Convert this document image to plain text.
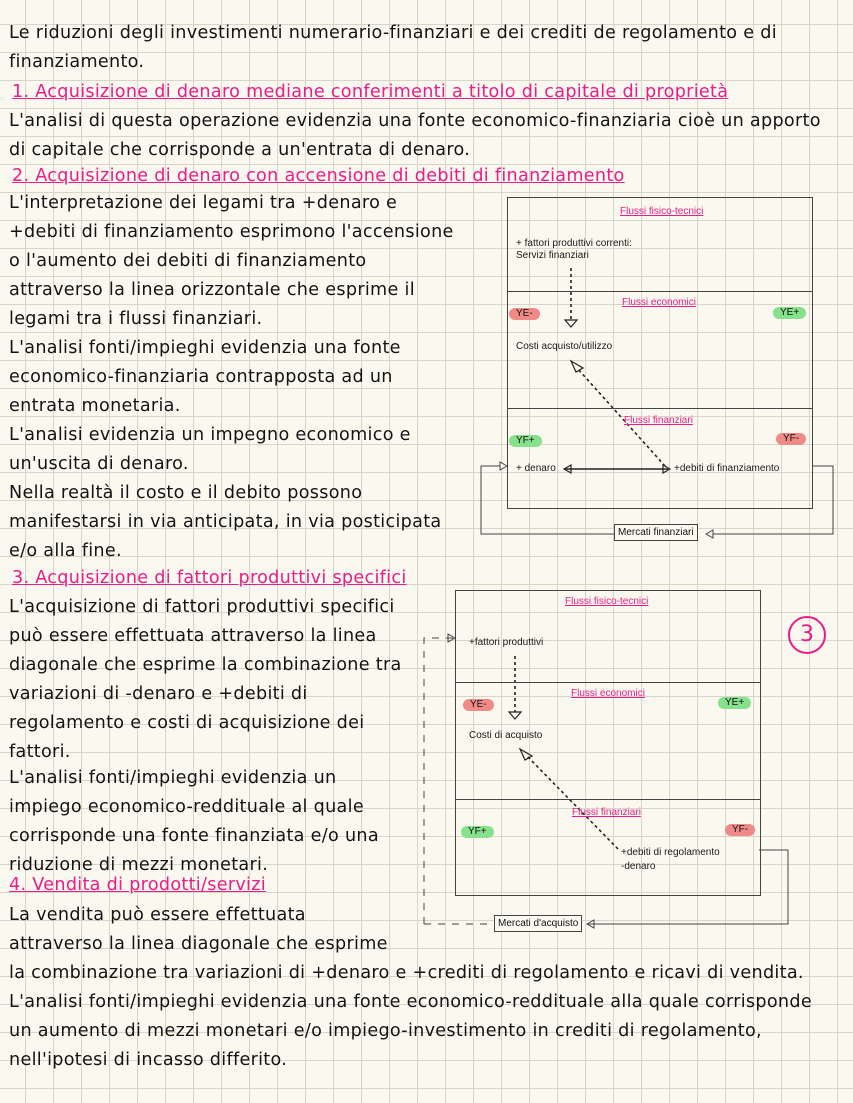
Le riduzioni degli investimenti numerario-finanziari e dei crediti de regolamento e di
finanziamento.
1. Acquisizione di denaro mediane conferimenti a titolo di capitale di proprietà
L'analisi di questa operazione evidenzia una fonte economico-finanziaria cioè un apporto
di capitale che corrisponde a un'entrata di denaro.
2. Acquisizione di denaro con accensione di debiti di finanziamento
L'interpretazione dei legami tra +denaro e
+debiti di finanziamento esprimono l'accensione
o l'aumento dei debiti di finanziamento
attraverso la linea orizzontale che esprime il
legami tra i flussi finanziari.
L'analisi fonti/impieghi evidenzia una fonte
economico-finanziaria contrapposta ad un
entrata monetaria.
L'analisi evidenzia un impegno economico e
un'uscita di denaro.
Nella realtà il costo e il debito possono
manifestarsi in via anticipata, in via posticipata
e/o alla fine.
Flussi fisico-tecnici
+ fattori produttivi correnti:
Servizi finanziari
Flussi economici
YE-	YE+
Costi acquisto/utilizzo
Flussi finanziari
YF+	YF-
+ denaro	+debiti di finanziamento
Mercati finanziari
3. Acquisizione di fattori produttivi specifici
L'acquisizione di fattori produttivi specifici
può essere effettuata attraverso la linea
diagonale che esprime la combinazione tra
variazioni di -denaro e +debiti di
regolamento e costi di acquisizione dei
fattori.
L'analisi fonti/impieghi evidenzia un
impiego economico-reddituale al quale
corrisponde una fonte finanziata e/o una
riduzione di mezzi monetari.
Flussi fisico-tecnici
+fattori produttivi
Flussi economici
YE-	YE+
Costi di acquisto
Flussi finanziari
YF+	YF-
+debiti di regolamento
-denaro
Mercati d'acquisto
3
4. Vendita di prodotti/servizi
La vendita può essere effettuata
attraverso la linea diagonale che esprime
la combinazione tra variazioni di +denaro e +crediti di regolamento e ricavi di vendita.
L'analisi fonti/impieghi evidenzia una fonte economico-reddituale alla quale corrisponde
un aumento di mezzi monetari e/o impiego-investimento in crediti di regolamento,
nell'ipotesi di incasso differito.
